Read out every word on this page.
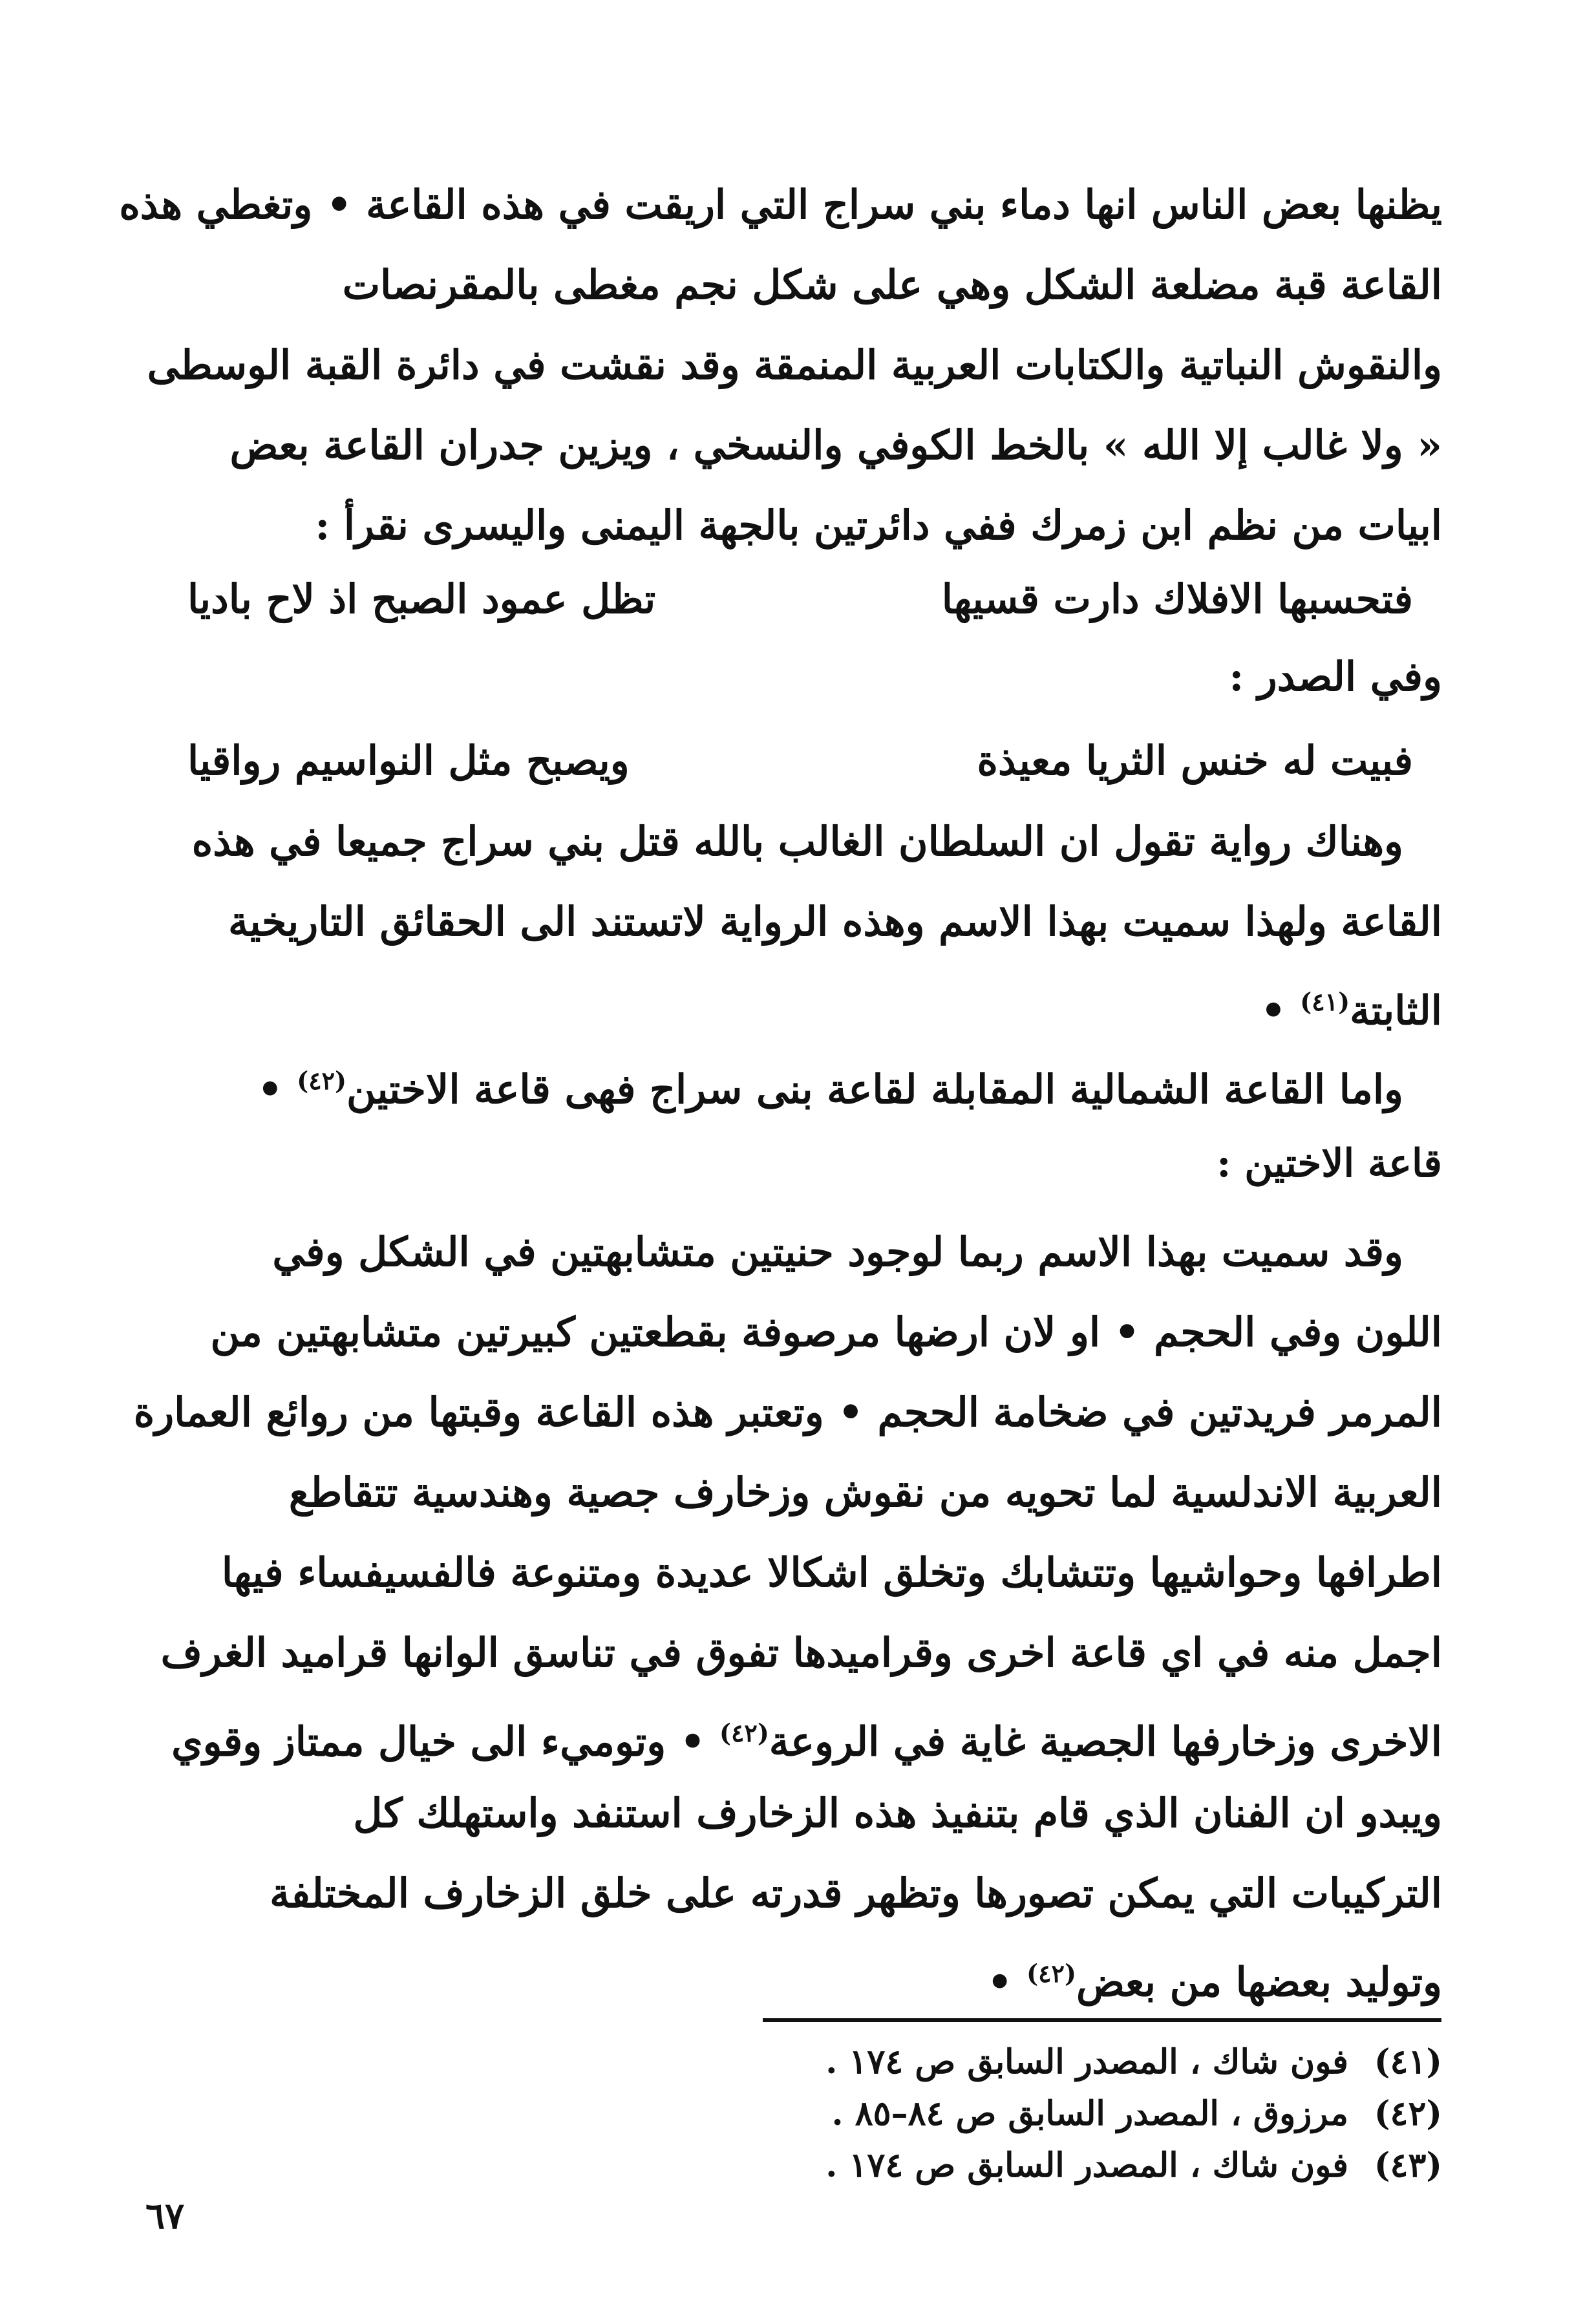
يظنها بعض الناس انها دماء بني سراج التي اريقت في هذه القاعة • وتغطي هذه
القاعة قبة مضلعة الشكل وهي على شكل نجم مغطى بالمقرنصات
والنقوش النباتية والكتابات العربية المنمقة وقد نقشت في دائرة القبة الوسطى
« ولا غالب إلا الله » بالخط الكوفي والنسخي ، ويزين جدران القاعة بعض
ابيات من نظم ابن زمرك ففي دائرتين بالجهة اليمنى واليسرى نقرأ :
فتحسبها الافلاك دارت قسيها
تظل عمود الصبح اذ لاح باديا
وفي الصدر :
فبيت له خنس الثريا معيذة
ويصبح مثل النواسيم رواقيا
وهناك رواية تقول ان السلطان الغالب بالله قتل بني سراج جميعا في هذه
القاعة ولهذا سميت بهذا الاسم وهذه الرواية لاتستند الى الحقائق التاريخية
الثابتة$^{(٤١)}$ •
واما القاعة الشمالية المقابلة لقاعة بنى سراج فهى قاعة الاختين$^{(٤٢)}$ •
قاعة الاختين :
وقد سميت بهذا الاسم ربما لوجود حنيتين متشابهتين في الشكل وفي
اللون وفي الحجم • او لان ارضها مرصوفة بقطعتين كبيرتين متشابهتين من
المرمر فريدتين في ضخامة الحجم • وتعتبر هذه القاعة وقبتها من روائع العمارة
العربية الاندلسية لما تحويه من نقوش وزخارف جصية وهندسية تتقاطع
اطرافها وحواشيها وتتشابك وتخلق اشكالا عديدة ومتنوعة فالفسيفساء فيها
اجمل منه في اي قاعة اخرى وقراميدها تفوق في تناسق الوانها قراميد الغرف
الاخرى وزخارفها الجصية غاية في الروعة$^{(٤٢)}$ • وتوميء الى خيال ممتاز وقوي
ويبدو ان الفنان الذي قام بتنفيذ هذه الزخارف استنفد واستهلك كل
التركيبات التي يمكن تصورها وتظهر قدرته على خلق الزخارف المختلفة
وتوليد بعضها من بعض$^{(٤٢)}$ •
(٤١)فون شاك ، المصدر السابق ص ١٧٤ .
(٤٢)مرزوق ، المصدر السابق ص ٨٤–٨٥ .
(٤٣)فون شاك ، المصدر السابق ص ١٧٤ .
٦٧
